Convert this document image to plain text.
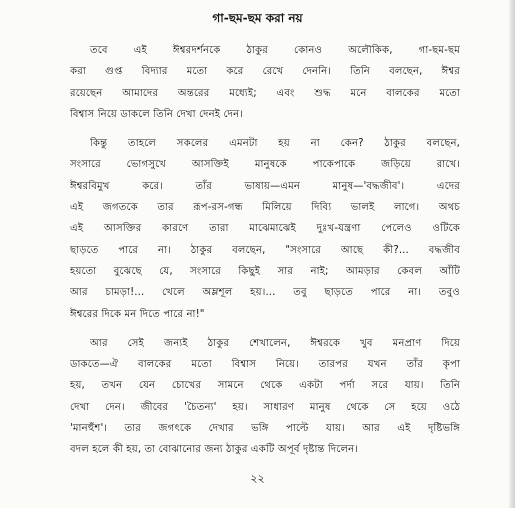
গা-ছম-ছম করা নয়
তবে এই ঈশ্বরদর্শনকে ঠাকুর কোনও অলৌকিক, গা-ছম-ছম
করা গুপ্ত বিদ্যার মতো করে রেখে দেননি। তিনি বলছেন, ঈশ্বর
রয়েছেন আমাদের অন্তরের মধ্যেই; এবং শুদ্ধ মনে বালকের মতো
বিশ্বাস নিয়ে ডাকলে তিনি দেখা দেনই দেন।
কিন্তু তাহলে সকলের এমনটা হয় না কেন? ঠাকুর বলছেন,
সংসারে ভোগসুখে আসক্তিই মানুষকে পাকেপাকে জড়িয়ে রাখে।
ঈশ্বরবিমুখ করে। তাঁর ভাষায়—এমন মানুষ—'বদ্ধজীব'। এদের
এই জগতকে তার রূপ-রস-গন্ধ মিলিয়ে দিব্যি ভালই লাগে। অথচ
এই আসক্তির কারণে তারা মাঝেমাঝেই দুঃখ-যন্ত্রণা পেলেও ওটিকে
ছাড়তে পারে না। ঠাকুর বলছেন, "সংসারে আছে কী?... বদ্ধজীব
হয়তো বুঝেছে যে, সংসারে কিছুই সার নাই; আমড়ার কেবল আঁটি
আর চামড়া!... খেলে অম্লশূল হয়।... তবু ছাড়তে পারে না। তবুও
ঈশ্বরের দিকে মন দিতে পারে না!"
আর সেই জন্যই ঠাকুর শেখালেন, ঈশ্বরকে খুব মনপ্রাণ দিয়ে
ডাকতে—ঐ বালকের মতো বিশ্বাস নিয়ে। তারপর যখন তাঁর কৃপা
হয়, তখন যেন চোখের সামনে থেকে একটা পর্দা সরে যায়। তিনি
দেখা দেন। জীবের 'চৈতন্য' হয়। সাধারণ মানুষ থেকে সে হয়ে ওঠে
'মানহুঁশ'। তার জগৎকে দেখার ভঙ্গি পাল্টে যায়। আর এই দৃষ্টিভঙ্গি
বদল হলে কী হয়, তা বোঝানোর জন্য ঠাকুর একটি অপূর্ব দৃষ্টান্ত দিলেন।
২২
